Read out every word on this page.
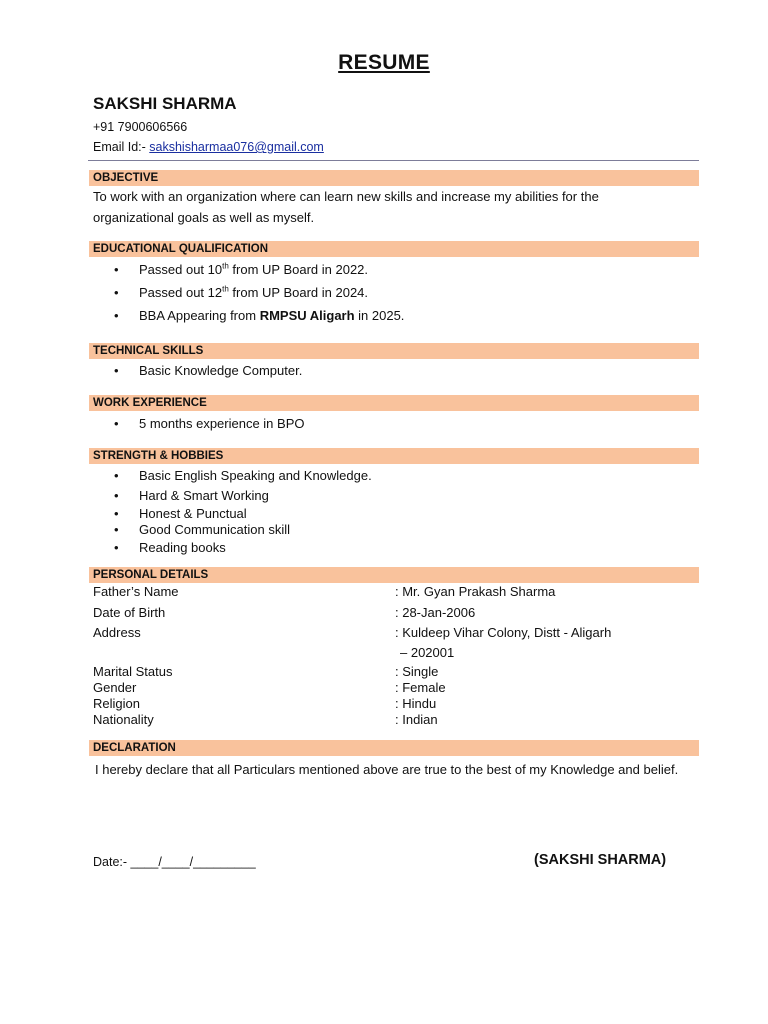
RESUME
SAKSHI SHARMA
+91 7900606566
Email Id:- sakshisharmaa076@gmail.com
OBJECTIVE
To work with an organization where can learn new skills and increase my abilities for the
organizational goals as well as myself.
EDUCATIONAL QUALIFICATION
• Passed out 10th from UP Board in 2022.
• Passed out 12th from UP Board in 2024.
• BBA Appearing from RMPSU Aligarh in 2025.
TECHNICAL SKILLS
• Basic Knowledge Computer.
WORK EXPERIENCE
• 5 months experience in BPO
STRENGTH & HOBBIES
• Basic English Speaking and Knowledge.
• Hard & Smart Working
• Honest & Punctual
• Good Communication skill
• Reading books
PERSONAL DETAILS
Father’s Name	: Mr. Gyan Prakash Sharma
Date of Birth	: 28-Jan-2006
Address	: Kuldeep Vihar Colony, Distt - Aligarh
– 202001
Marital Status	: Single
Gender	: Female
Religion	: Hindu
Nationality	: Indian
DECLARATION
I hereby declare that all Particulars mentioned above are true to the best of my Knowledge and belief.
Date:- ____/____/_________	(SAKSHI SHARMA)
